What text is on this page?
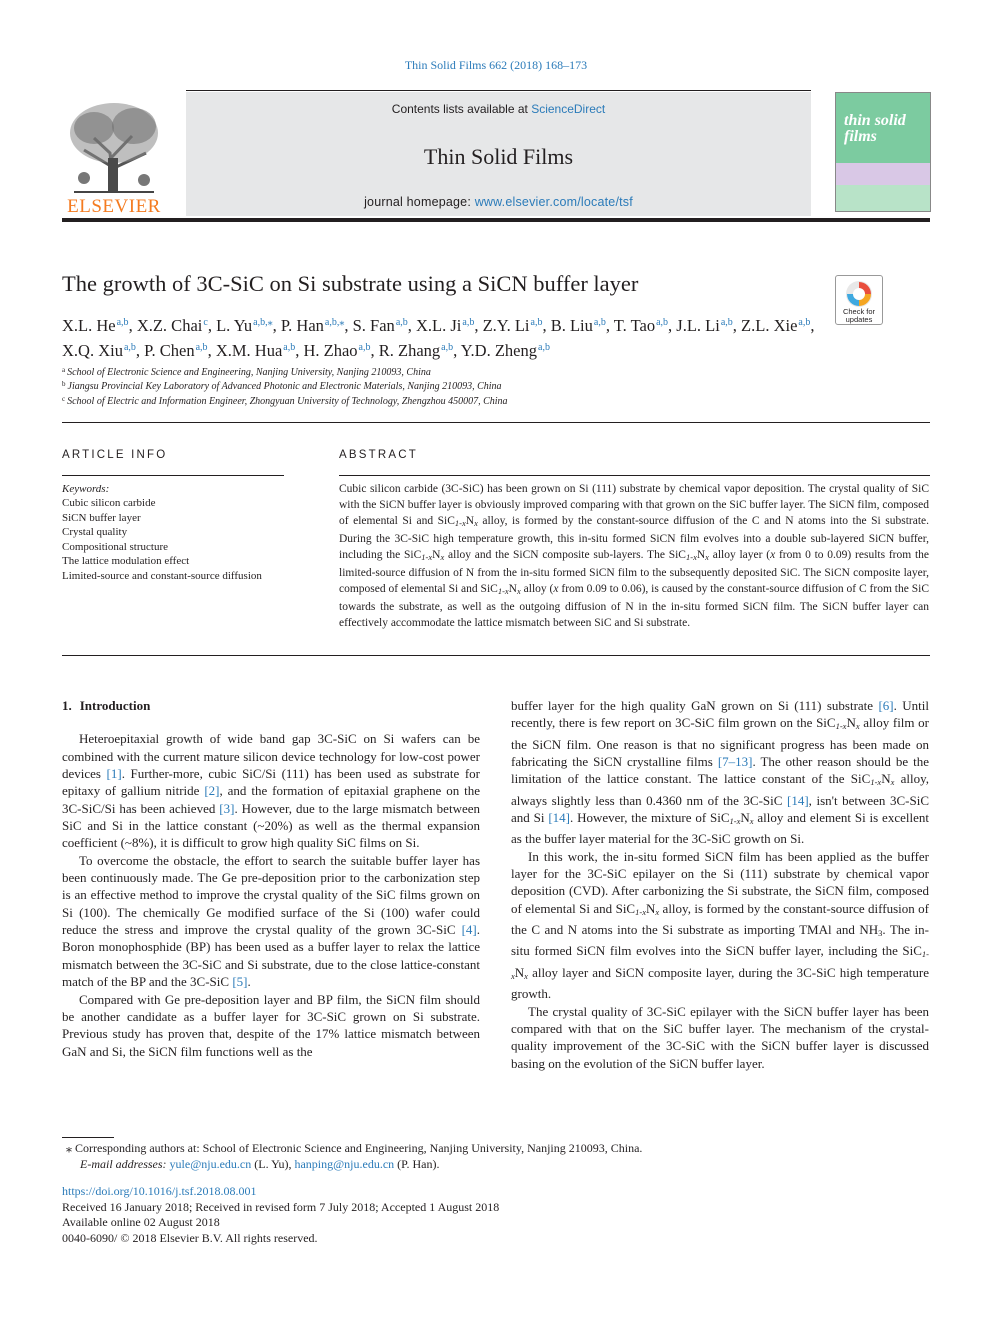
Thin Solid Films 662 (2018) 168–173
ELSEVIER
Contents lists available at ScienceDirect
Thin Solid Films
journal homepage: www.elsevier.com/locate/tsf
thin solid films
The growth of 3C-SiC on Si substrate using a SiCN buffer layer
Check for updates
X.L. He$^{a,b}$, X.Z. Chai$^c$, L. $Yu^{a,b,⁎}$, P. Han$^{a,b,⁎}$, S. Fan$^{a,b}$, X.L. Ji$^{a,b}$, Z.Y. Li$^{a,b}$, B. Liu$^{a,b}$, T. Tao$^{a,b}$, J.L. Li$^{a,b}$, Z.L. Xie$^{a,b}$, X.Q. Xiu$^{a,b}$, P. Chen$^{a,b}$, X.M. Hua$^{a,b}$, H. Zhao$^{a,b}$, R. Zhang$^{a,b}$, Y.D. Zheng$^{a,b}$
$^a$ School of Electronic Science and Engineering, Nanjing University, Nanjing 210093, China
$^b$ Jiangsu Provincial Key Laboratory of Advanced Photonic and Electronic Materials, Nanjing 210093, China
$^c$ School of Electric and Information Engineer, Zhongyuan University of Technology, Zhengzhou 450007, China
ARTICLE INFO
Keywords:
Cubic silicon carbide
SiCN buffer layer
Crystal quality
Compositional structure
The lattice modulation effect
Limited-source and constant-source diffusion
ABSTRACT
Cubic silicon carbide (3C-SiC) has been grown on Si (111) substrate by chemical vapor deposition. The crystal quality of SiC with the SiCN buffer layer is obviously improved comparing with that grown on the SiC buffer layer. The SiCN film, composed of elemental Si and SiC1-xNx alloy, is formed by the constant-source diffusion of the C and N atoms into the Si substrate. During the 3C-SiC high temperature growth, this in-situ formed SiCN film evolves into a double sub-layered SiCN buffer, including the SiC1-xNx alloy and the SiCN composite sub-layers. The SiC1-xNx alloy layer (x from 0 to 0.09) results from the limited-source diffusion of N from the in-situ formed SiCN film to the subsequently deposited SiC. The SiCN composite layer, composed of elemental Si and SiC1-xNx alloy (x from 0.09 to 0.06), is caused by the constant-source diffusion of C from the SiC towards the substrate, as well as the outgoing diffusion of N in the in-situ formed SiCN film. The SiCN buffer layer can effectively accommodate the lattice mismatch between SiC and Si substrate.
1. Introduction

Heteroepitaxial growth of wide band gap 3C-SiC on Si wafers can be combined with the current mature silicon device technology for low-cost power devices [1]. Further-more, cubic SiC/Si (111) has been used as substrate for epitaxy of gallium nitride [2], and the formation of epitaxial graphene on the 3C-SiC/Si has been achieved [3]. However, due to the large mismatch between SiC and Si in the lattice constant (~20%) as well as the thermal expansion coefficient (~8%), it is difficult to grow high quality SiC films on Si.

To overcome the obstacle, the effort to search the suitable buffer layer has been continuously made. The Ge pre-deposition prior to the carbonization step is an effective method to improve the crystal quality of the SiC films grown on Si (100). The chemically Ge modified surface of the Si (100) wafer could reduce the stress and improve the crystal quality of the grown 3C-SiC [4]. Boron monophosphide (BP) has been used as a buffer layer to relax the lattice mismatch between the 3C-SiC and Si substrate, due to the close lattice-constant match of the BP and the 3C-SiC [5].

Compared with Ge pre-deposition layer and BP film, the SiCN film should be another candidate as a buffer layer for 3C-SiC grown on Si substrate. Previous study has proven that, despite of the 17% lattice mismatch between GaN and Si, the SiCN film functions well as the

buffer layer for the high quality GaN grown on Si (111) substrate [6]. Until recently, there is few report on 3C-SiC film grown on the SiC1-xNx alloy film or the SiCN film. One reason is that no significant progress has been made on fabricating the SiCN crystalline films [7–13]. The other reason should be the limitation of the lattice constant. The lattice constant of the SiC1-xNx alloy, always slightly less than 0.4360 nm of the 3C-SiC [14], isn't between 3C-SiC and Si [14]. However, the mixture of SiC1-xNx alloy and element Si is excellent as the buffer layer material for the 3C-SiC growth on Si.

In this work, the in-situ formed SiCN film has been applied as the buffer layer for the 3C-SiC epilayer on the Si (111) substrate by chemical vapor deposition (CVD). After carbonizing the Si substrate, the SiCN film, composed of elemental Si and SiC1-xNx alloy, is formed by the constant-source diffusion of the C and N atoms into the Si substrate as importing TMAl and NH3. The in-situ formed SiCN film evolves into the SiCN buffer layer, including the SiC1-xNx alloy layer and SiCN composite layer, during the 3C-SiC high temperature growth.

The crystal quality of 3C-SiC epilayer with the SiCN buffer layer has been compared with that on the SiC buffer layer. The mechanism of the crystal-quality improvement of the 3C-SiC with the SiCN buffer layer is discussed basing on the evolution of the SiCN buffer layer.

⁎ Corresponding authors at: School of Electronic Science and Engineering, Nanjing University, Nanjing 210093, China.
E-mail addresses: yule@nju.edu.cn (L. Yu), hanping@nju.edu.cn (P. Han).
https://doi.org/10.1016/j.tsf.2018.08.001
Received 16 January 2018; Received in revised form 7 July 2018; Accepted 1 August 2018
Available online 02 August 2018
0040-6090/ © 2018 Elsevier B.V. All rights reserved.
